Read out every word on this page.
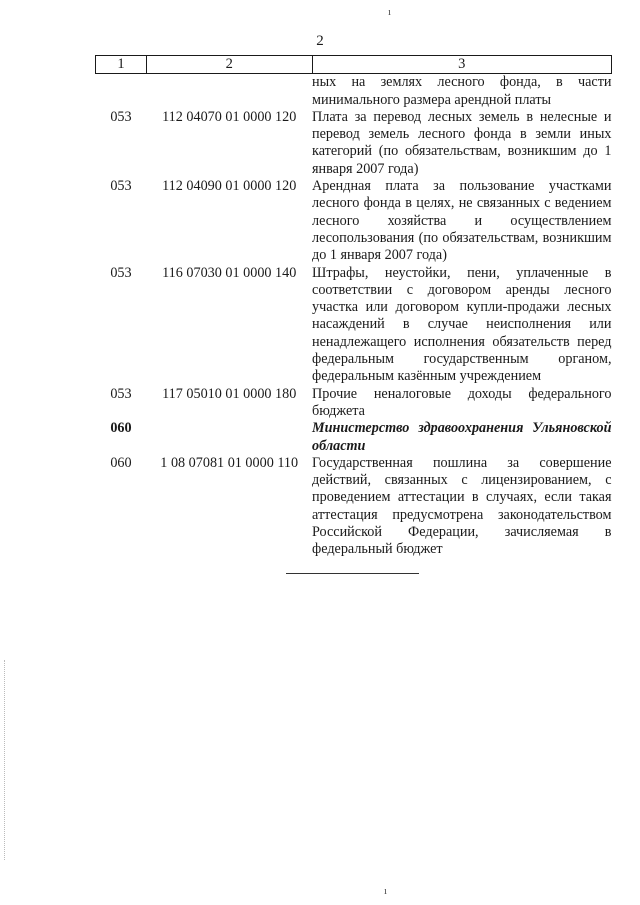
ı
2
1	2	3
		ных на землях лесного фонда, в части минимального размера арендной платы
053	112 04070 01 0000 120	Плата за перевод лесных земель в нелесные и перевод земель лесного фонда в земли иных категорий (по обязательствам, возникшим до 1 января 2007 года)
053	112 04090 01 0000 120	Арендная плата за пользование участками лесного фонда в целях, не связанных с ведением лесного хозяйства и осуществлением лесопользования (по обязательствам, возникшим до 1 января 2007 года)
053	116 07030 01 0000 140	Штрафы, неустойки, пени, уплаченные в соответствии с договором аренды лесного участка или договором купли-продажи лесных насаждений в случае неисполнения или ненадлежащего исполнения обязательств перед федеральным государственным органом, федеральным казённым учреждением
053	117 05010 01 0000 180	Прочие неналоговые доходы федерального бюджета
060		Министерство здравоохранения Ульяновской области
060	1 08 07081 01 0000 110	Государственная пошлина за совершение действий, связанных с лицензированием, с проведением аттестации в случаях, если такая аттестация предусмотрена законодательством Российской Федерации, зачисляемая в федеральный бюджет
ı
